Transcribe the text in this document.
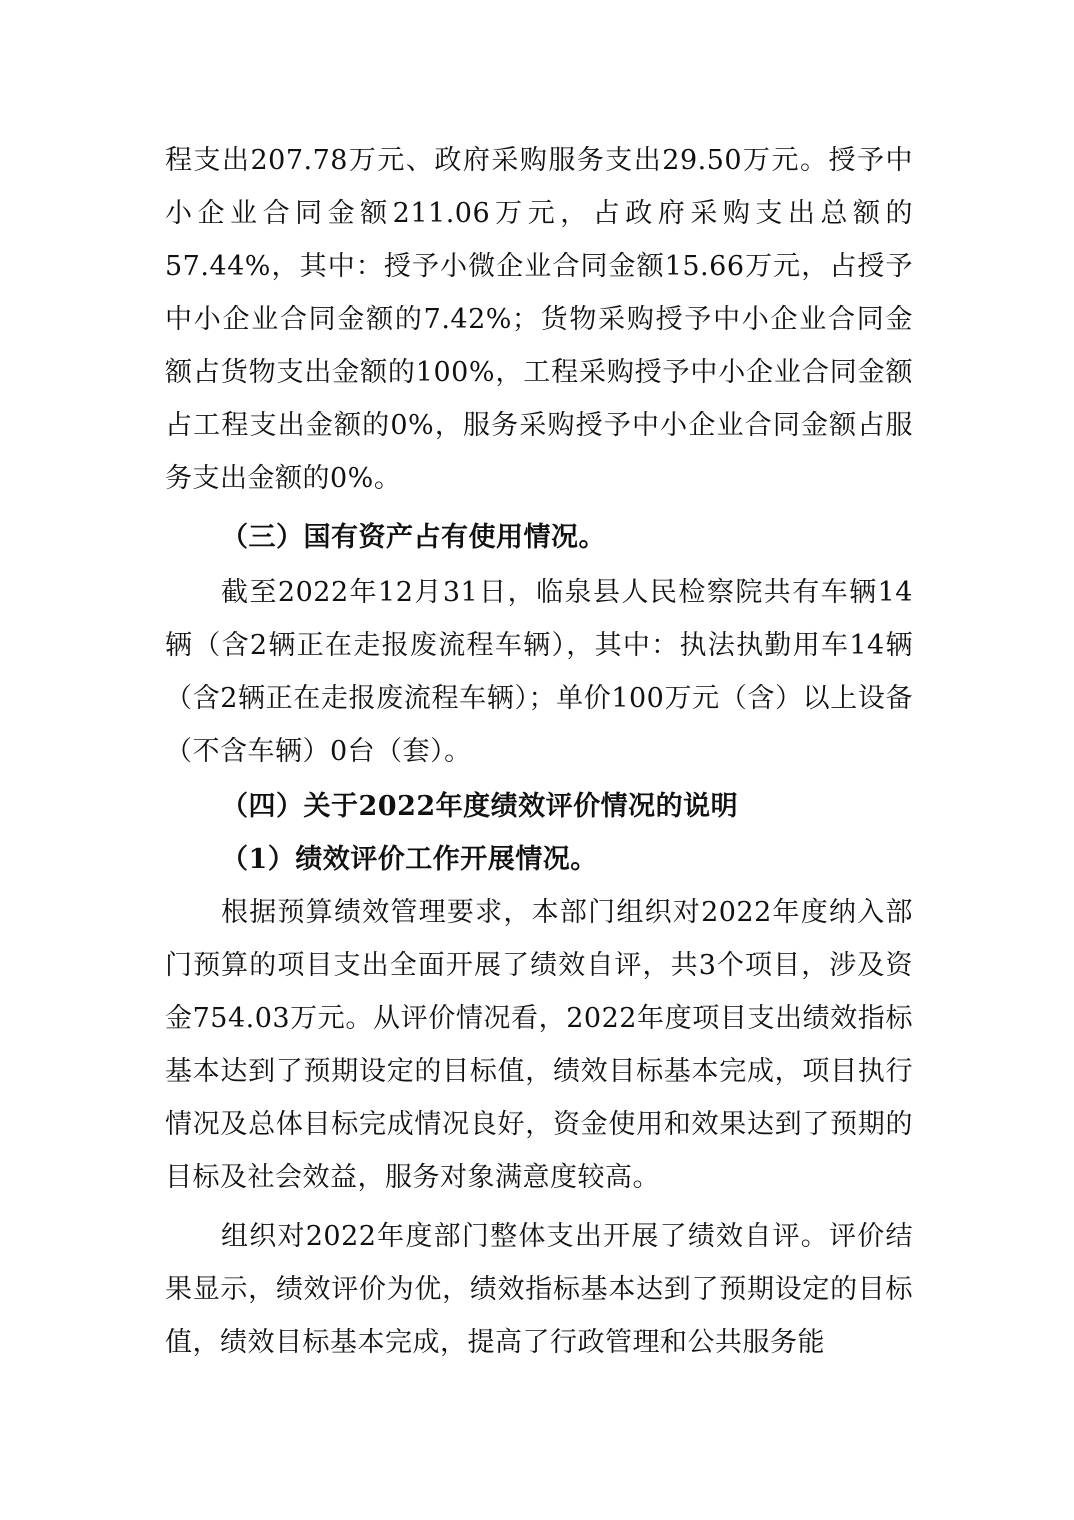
程支出207.78万元、政府采购服务支出29.50万元。授予中小企业合同金额211.06万元，占政府采购支出总额的57.44%，其中：授予小微企业合同金额15.66万元，占授予中小企业合同金额的7.42%；货物采购授予中小企业合同金额占货物支出金额的100%，工程采购授予中小企业合同金额占工程支出金额的0%，服务采购授予中小企业合同金额占服务支出金额的0%。

（三）国有资产占有使用情况。

截至2022年12月31日，临泉县人民检察院共有车辆14辆（含2辆正在走报废流程车辆），其中：执法执勤用车14辆（含2辆正在走报废流程车辆）；单价100万元（含）以上设备（不含车辆）0台（套）。

（四）关于2022年度绩效评价情况的说明

（1）绩效评价工作开展情况。

根据预算绩效管理要求，本部门组织对2022年度纳入部门预算的项目支出全面开展了绩效自评，共3个项目，涉及资金754.03万元。从评价情况看，2022年度项目支出绩效指标基本达到了预期设定的目标值，绩效目标基本完成，项目执行情况及总体目标完成情况良好，资金使用和效果达到了预期的目标及社会效益，服务对象满意度较高。

组织对2022年度部门整体支出开展了绩效自评。评价结果显示，绩效评价为优，绩效指标基本达到了预期设定的目标值，绩效目标基本完成，提高了行政管理和公共服务能
